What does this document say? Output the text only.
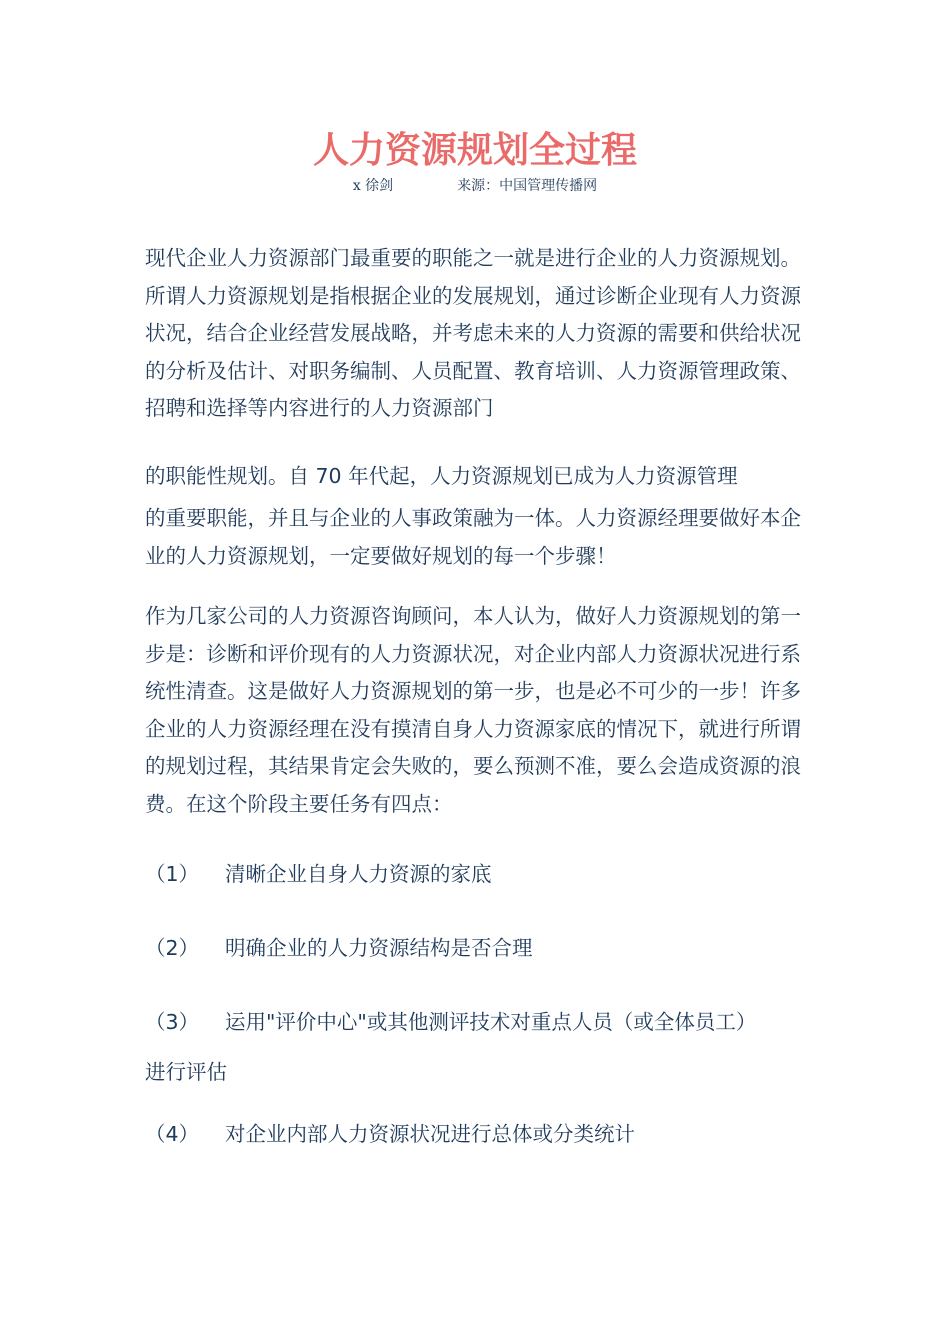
人力资源规划全过程
x 徐剑	来源：中国管理传播网

现代企业人力资源部门最重要的职能之一就是进行企业的人力资源规划。所谓人力资源规划是指根据企业的发展规划，通过诊断企业现有人力资源状况，结合企业经营发展战略，并考虑未来的人力资源的需要和供给状况的分析及估计、对职务编制、人员配置、教育培训、人力资源管理政策、招聘和选择等内容进行的人力资源部门

的职能性规划。自 70 年代起，人力资源规划已成为人力资源管理
的重要职能，并且与企业的人事政策融为一体。人力资源经理要做好本企业的人力资源规划，一定要做好规划的每一个步骤！

作为几家公司的人力资源咨询顾问，本人认为，做好人力资源规划的第一步是：诊断和评价现有的人力资源状况，对企业内部人力资源状况进行系统性清查。这是做好人力资源规划的第一步，也是必不可少的一步！许多企业的人力资源经理在没有摸清自身人力资源家底的情况下，就进行所谓的规划过程，其结果肯定会失败的，要么预测不准，要么会造成资源的浪费。在这个阶段主要任务有四点：

（1） 清晰企业自身人力资源的家底
（2） 明确企业的人力资源结构是否合理
（3） 运用"评价中心"或其他测评技术对重点人员（或全体员工）
进行评估
（4） 对企业内部人力资源状况进行总体或分类统计
